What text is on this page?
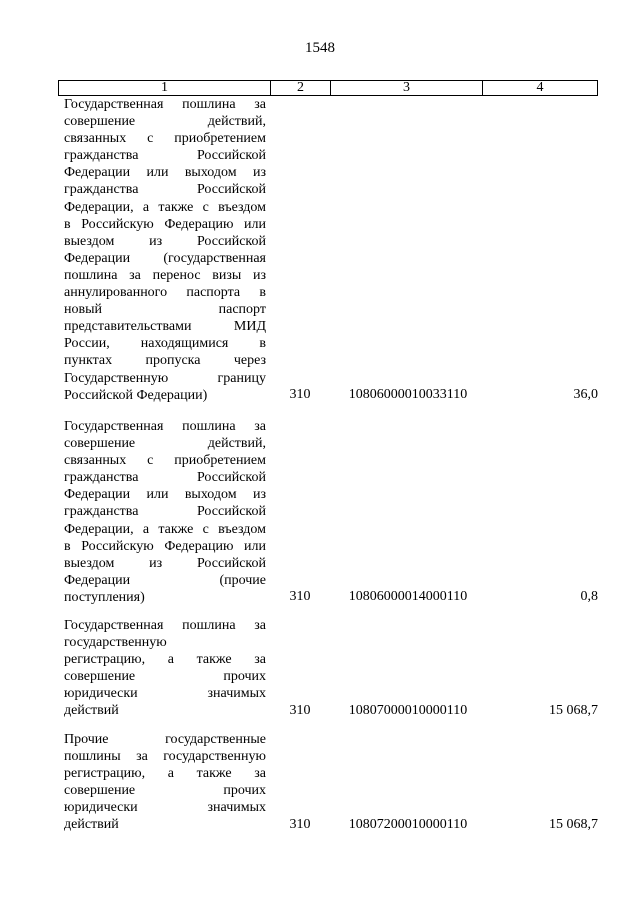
1548
1	2	3	4
Государственная пошлина за
совершение действий,
связанных с приобретением
гражданства Российской
Федерации или выходом из
гражданства Российской
Федерации, а также с въездом
в Российскую Федерацию или
выездом из Российской
Федерации (государственная
пошлина за перенос визы из
аннулированного паспорта в
новый паспорт
представительствами МИД
России, находящимися в
пунктах пропуска через
Государственную границу
Российской Федерации)	310	10806000010033110	36,0
Государственная пошлина за
совершение действий,
связанных с приобретением
гражданства Российской
Федерации или выходом из
гражданства Российской
Федерации, а также с въездом
в Российскую Федерацию или
выездом из Российской
Федерации (прочие
поступления)	310	10806000014000110	0,8
Государственная пошлина за
государственную
регистрацию, а также за
совершение прочих
юридически значимых
действий	310	10807000010000110	15 068,7
Прочие государственные
пошлины за государственную
регистрацию, а также за
совершение прочих
юридически значимых
действий	310	10807200010000110	15 068,7
